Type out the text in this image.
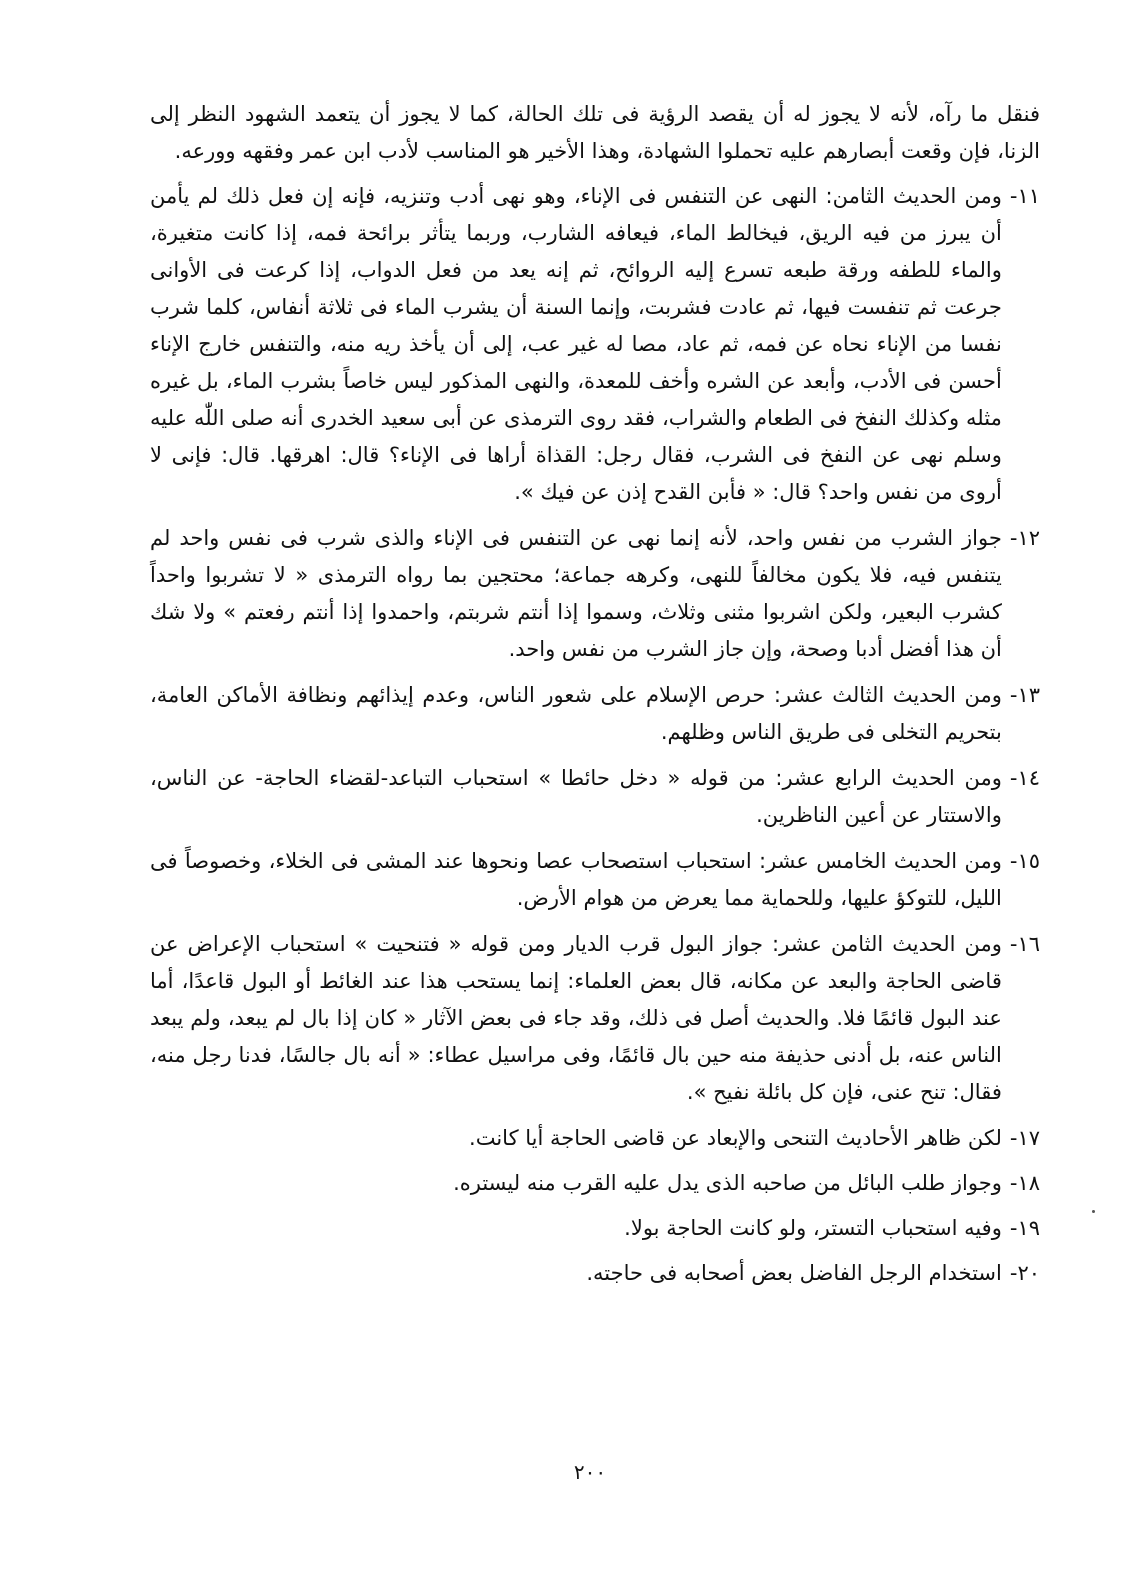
فنقل ما رآه، لأنه لا يجوز له أن يقصد الرؤية فى تلك الحالة، كما لا يجوز أن يتعمد الشهود النظر إلى الزنا، فإن وقعت أبصارهم عليه تحملوا الشهادة، وهذا الأخير هو المناسب لأدب ابن عمر وفقهه وورعه.

١١-
ومن الحديث الثامن: النهى عن التنفس فى الإناء، وهو نهى أدب وتنزيه، فإنه إن فعل ذلك لم يأمن أن يبرز من فيه الريق، فيخالط الماء، فيعافه الشارب، وربما يتأثر برائحة فمه، إذا كانت متغيرة، والماء للطفه ورقة طبعه تسرع إليه الروائح، ثم إنه يعد من فعل الدواب، إذا كرعت فى الأوانى جرعت ثم تنفست فيها، ثم عادت فشربت، وإنما السنة أن يشرب الماء فى ثلاثة أنفاس، كلما شرب نفسا من الإناء نحاه عن فمه، ثم عاد، مصا له غير عب، إلى أن يأخذ ريه منه، والتنفس خارج الإناء أحسن فى الأدب، وأبعد عن الشره وأخف للمعدة، والنهى المذكور ليس خاصاً بشرب الماء، بل غيره مثله وكذلك النفخ فى الطعام والشراب، فقد روى الترمذى عن أبى سعيد الخدرى أنه صلى اللّٰه عليه وسلم نهى عن النفخ فى الشرب، فقال رجل: القذاة أراها فى الإناء؟ قال: اهرقها. قال: فإنى لا أروى من نفس واحد؟ قال: « فأبن القدح إذن عن فيك ».
١٢-
جواز الشرب من نفس واحد، لأنه إنما نهى عن التنفس فى الإناء والذى شرب فى نفس واحد لم يتنفس فيه، فلا يكون مخالفاً للنهى، وكرهه جماعة؛ محتجين بما رواه الترمذى « لا تشربوا واحداً كشرب البعير، ولكن اشربوا مثنى وثلاث، وسموا إذا أنتم شربتم، واحمدوا إذا أنتم رفعتم » ولا شك أن هذا أفضل أدبا وصحة، وإن جاز الشرب من نفس واحد.
١٣-
ومن الحديث الثالث عشر: حرص الإسلام على شعور الناس، وعدم إيذائهم ونظافة الأماكن العامة، بتحريم التخلى فى طريق الناس وظلهم.
١٤-
ومن الحديث الرابع عشر: من قوله « دخل حائطا » استحباب التباعد-لقضاء الحاجة- عن الناس، والاستتار عن أعين الناظرين.
١٥-
ومن الحديث الخامس عشر: استحباب استصحاب عصا ونحوها عند المشى فى الخلاء، وخصوصاً فى الليل، للتوكؤ عليها، وللحماية مما يعرض من هوام الأرض.
١٦-
ومن الحديث الثامن عشر: جواز البول قرب الديار ومن قوله « فتنحيت » استحباب الإعراض عن قاضى الحاجة والبعد عن مكانه، قال بعض العلماء: إنما يستحب هذا عند الغائط أو البول قاعدًا، أما عند البول قائمًا فلا. والحديث أصل فى ذلك، وقد جاء فى بعض الآثار « كان إذا بال لم يبعد، ولم يبعد الناس عنه، بل أدنى حذيفة منه حين بال قائمًا، وفى مراسيل عطاء: « أنه بال جالسًا، فدنا رجل منه، فقال: تنح عنى، فإن كل بائلة نفيح ».
١٧-
لكن ظاهر الأحاديث التنحى والإبعاد عن قاضى الحاجة أيا كانت.
١٨-
وجواز طلب البائل من صاحبه الذى يدل عليه القرب منه ليستره.
١٩-
وفيه استحباب التستر، ولو كانت الحاجة بولا.
٢٠-
استخدام الرجل الفاضل بعض أصحابه فى حاجته.
٢٠٠
